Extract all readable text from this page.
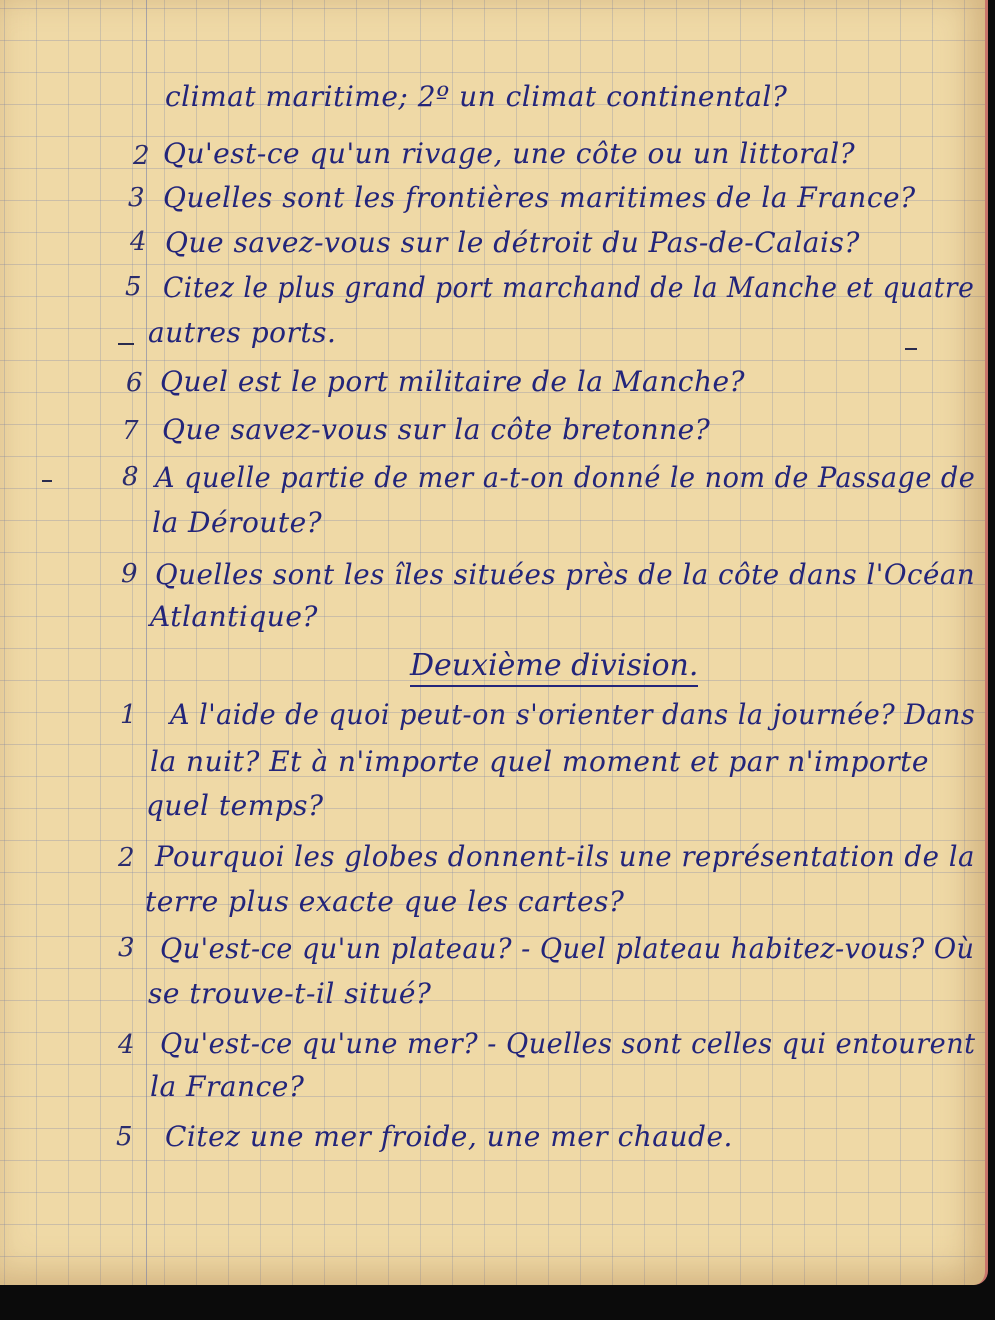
climat maritime; 2º un climat continental?
2 Qu'est-ce qu'un rivage, une côte ou un littoral?
3 Quelles sont les frontières maritimes de la France?
4 Que savez-vous sur le détroit du Pas-de-Calais?
5 Citez le plus grand port marchand de la Manche et quatre
autres ports.
6 Quel est le port militaire de la Manche?
7 Que savez-vous sur la côte bretonne?
8 A quelle partie de mer a-t-on donné le nom de Passage de
la Déroute?
9 Quelles sont les îles situées près de la côte dans l'Océan
Atlantique?
Deuxième division.
1 A l'aide de quoi peut-on s'orienter dans la journée? Dans
la nuit? Et à n'importe quel moment et par n'importe
quel temps?
2 Pourquoi les globes donnent-ils une représentation de la
terre plus exacte que les cartes?
3 Qu'est-ce qu'un plateau? - Quel plateau habitez-vous? Où
se trouve-t-il situé?
4 Qu'est-ce qu'une mer? - Quelles sont celles qui entourent
la France?
5 Citez une mer froide, une mer chaude.
